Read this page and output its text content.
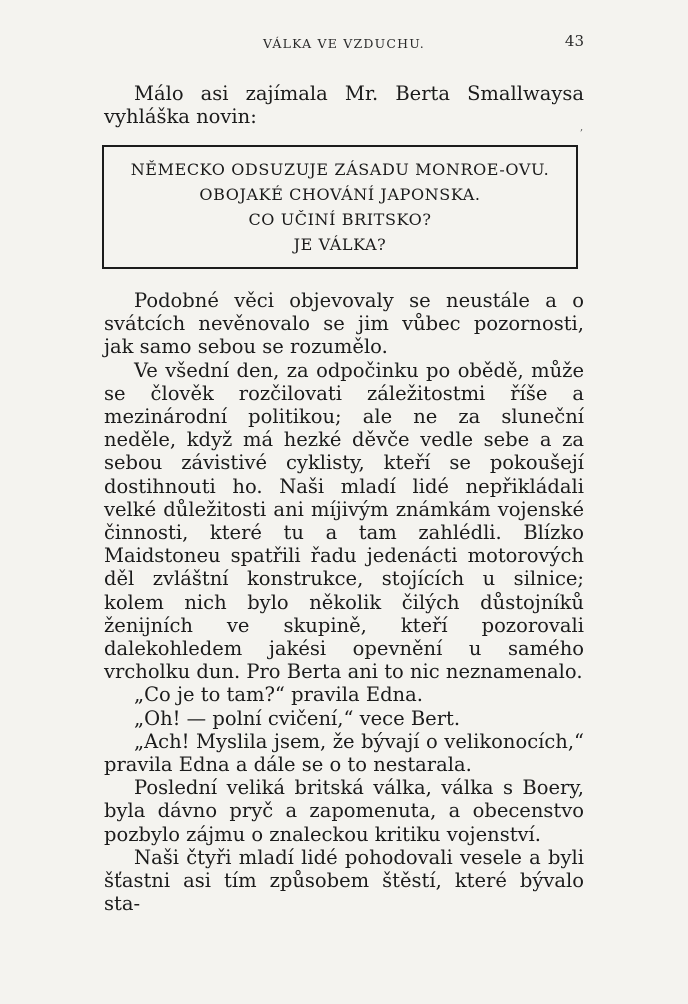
VÁLKA VE VZDUCHU.	43

Málo asi zajímala Mr. Berta Smallwaysa vyhláška novin:	,
NĚMECKO ODSUZUJE ZÁSADU MONROE-OVU.
OBOJAKÉ CHOVÁNÍ JAPONSKA.
CO UČINÍ BRITSKO?
JE VÁLKA?

Podobné věci objevovaly se neustále a o svátcích nevěnovalo se jim vůbec pozornosti, jak samo sebou se rozumělo.

Ve všední den, za odpočinku po obědě, může se člověk rozčilovati záležitostmi říše a mezinárodní politikou; ale ne za sluneční neděle, když má hezké děvče vedle sebe a za sebou závistivé cyklisty, kteří se pokoušejí dostihnouti ho. Naši mladí lidé nepřikládali velké důležitosti ani míjivým známkám vojenské činnosti, které tu a tam zahlédli. Blízko Maidstoneu spatřili řadu jedenácti motorových děl zvláštní konstrukce, stojících u silnice; kolem nich bylo několik čilých důstojníků ženijních ve skupině, kteří pozorovali dalekohledem jakési opevnění u samého vrcholku dun. Pro Berta ani to nic neznamenalo.

„Co je to tam?“ pravila Edna.

„Oh! — polní cvičení,“ vece Bert.

„Ach! Myslila jsem, že bývají o velikonocích,“ pravila Edna a dále se o to nestarala.

Poslední veliká britská válka, válka s Boery, byla dávno pryč a zapomenuta, a obecenstvo pozbylo zájmu o znaleckou kritiku vojenství.

Naši čtyři mladí lidé pohodovali vesele a byli šťastni asi tím způsobem štěstí, které bývalo sta-
